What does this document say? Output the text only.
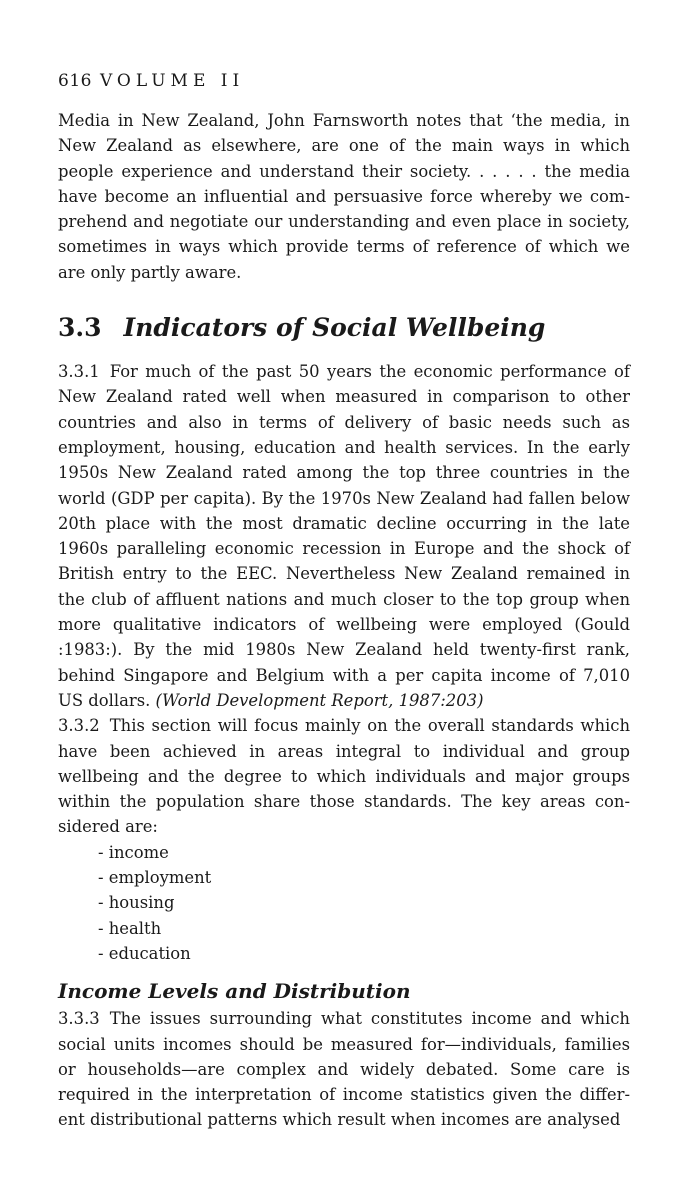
616 VOLUME II

Media in New Zealand, John Farnsworth notes that ‘the media, in New Zealand as elsewhere, are one of the main ways in which people experience and understand their society. . . . . . the media have become an influential and persuasive force whereby we comprehend and negotiate our understanding and even place in society, sometimes in ways which provide terms of reference of which we are only partly aware.

3.3 Indicators of Social Wellbeing

3.3.1 For much of the past 50 years the economic performance of New Zealand rated well when measured in comparison to other countries and also in terms of delivery of basic needs such as employment, housing, education and health services. In the early 1950s New Zealand rated among the top three countries in the world (GDP per capita). By the 1970s New Zealand had fallen below 20th place with the most dramatic decline occurring in the late 1960s paralleling economic recession in Europe and the shock of British entry to the EEC. Nevertheless New Zealand remained in the club of affluent nations and much closer to the top group when more qualitative indicators of wellbeing were employed (Gould :1983:). By the mid 1980s New Zealand held twenty-first rank, behind Singapore and Belgium with a per capita income of 7,010 US dollars. (World Development Report, 1987:203)

3.3.2 This section will focus mainly on the overall standards which have been achieved in areas integral to individual and group wellbeing and the degree to which individuals and major groups within the population share those standards. The key areas considered are:

- income
- employment
- housing
- health
- education
Income Levels and Distribution

3.3.3 The issues surrounding what constitutes income and which social units incomes should be measured for—individuals, families or households—are complex and widely debated. Some care is required in the interpretation of income statistics given the different distributional patterns which result when incomes are analysed
